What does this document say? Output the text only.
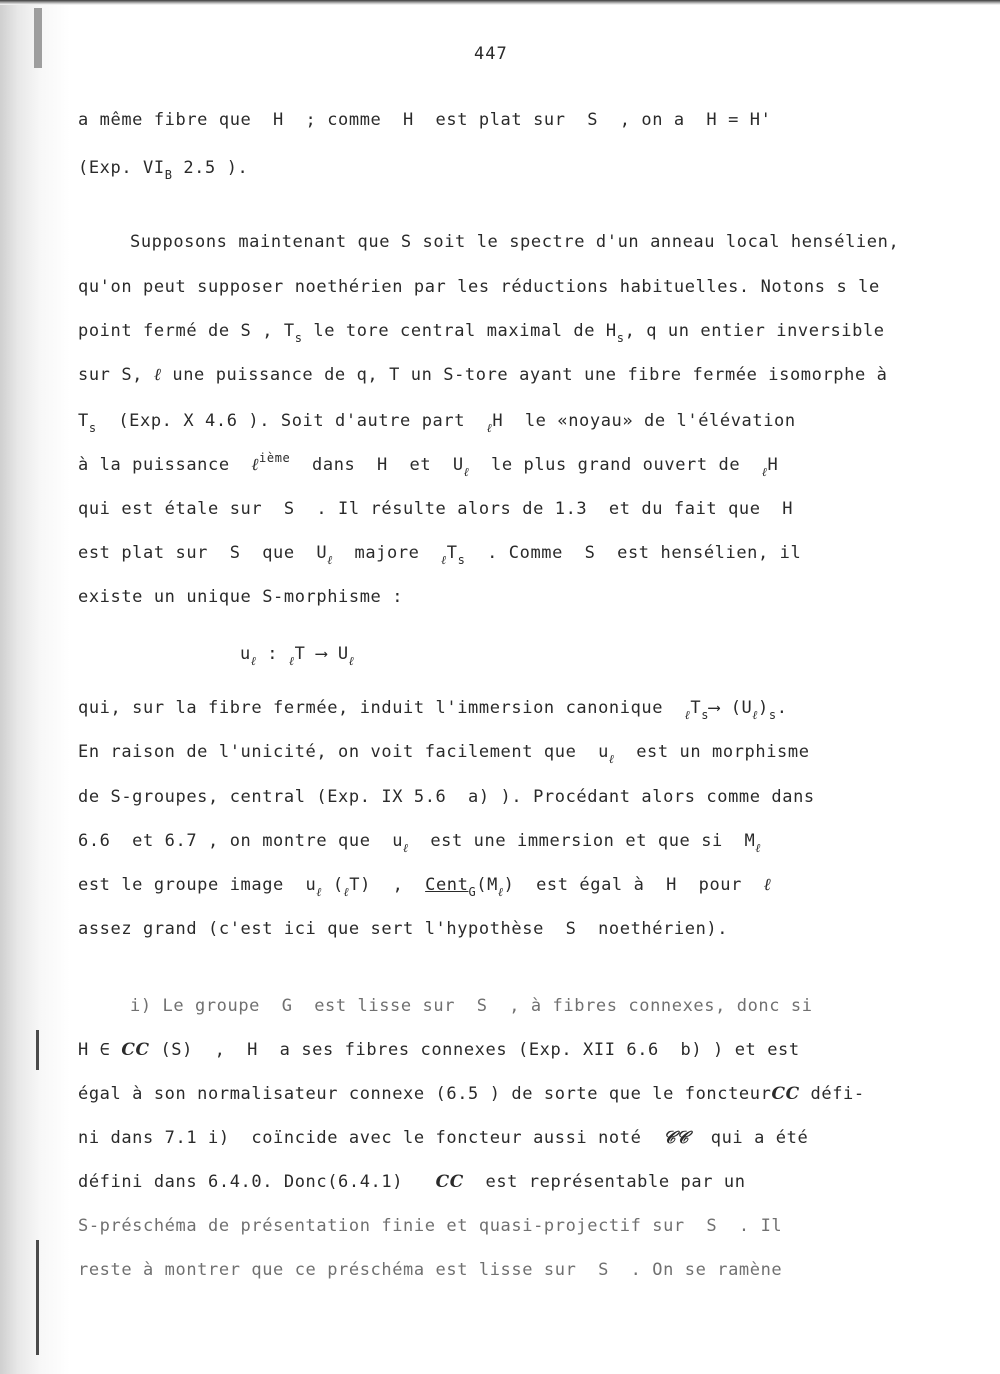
447
a même fibre que  H  ; comme  H  est plat sur  S  , on a  H = H'
(Exp. $VI_B$ 2.5 ).
Supposons maintenant que S soit le spectre d'un anneau local hensélien,
qu'on peut supposer noethérien par les réductions habituelles. Notons s le
point fermé de S , $T_s$ le tore central maximal de $H_s$, q un entier inversible
sur S, ℓ une puissance de q, T un S-tore ayant une fibre fermée isomorphe à
$T_s$  (Exp. X 4.6 ). Soit d'autre part  $_\ell$H  le «noyau» de l'élévation
à la puissance  ℓ$^{ième}$  dans  H  et  $U_\ell$  le plus grand ouvert de  $_\ell$H
qui est étale sur  S  . Il résulte alors de 1.3  et du fait que  H
est plat sur  S  que  $U_\ell$  majore  $_\ell T_s$  . Comme  S  est hensélien, il
existe un unique S-morphisme :
$u_\ell$ : $_\ell$T ⟶ $U_\ell$
qui, sur la fibre fermée, induit l'immersion canonique  $_\ell T_s⟶$ $(U_\ell)_s$.
En raison de l'unicité, on voit facilement que  $u_\ell$  est un morphisme
de S-groupes, central (Exp. IX 5.6  a) ). Procédant alors comme dans
6.6  et 6.7 , on montre que  $u_\ell$  est une immersion et que si  $M_\ell$
est le groupe image  $u_\ell$ $(_\ell T)$  ,  $Cent_G(M_\ell)$  est égal à  H  pour  ℓ
assez grand (c'est ici que sert l'hypothèse  S  noethérien).
i) Le groupe  G  est lisse sur  S  , à fibres connexes, donc si
H ∈ CC (S)  ,  H  a ses fibres connexes (Exp. XII 6.6  b) ) et est
égal à son normalisateur connexe (6.5 ) de sorte que le foncteurCC défi-
ni dans 7.1 i)  coïncide avec le foncteur aussi noté  𝒞𝒞  qui a été
défini dans 6.4.0. Donc(6.4.1)   CC  est représentable par un
S-préschéma de présentation finie et quasi-projectif sur  S  . Il
reste à montrer que ce préschéma est lisse sur  S  . On se ramène
